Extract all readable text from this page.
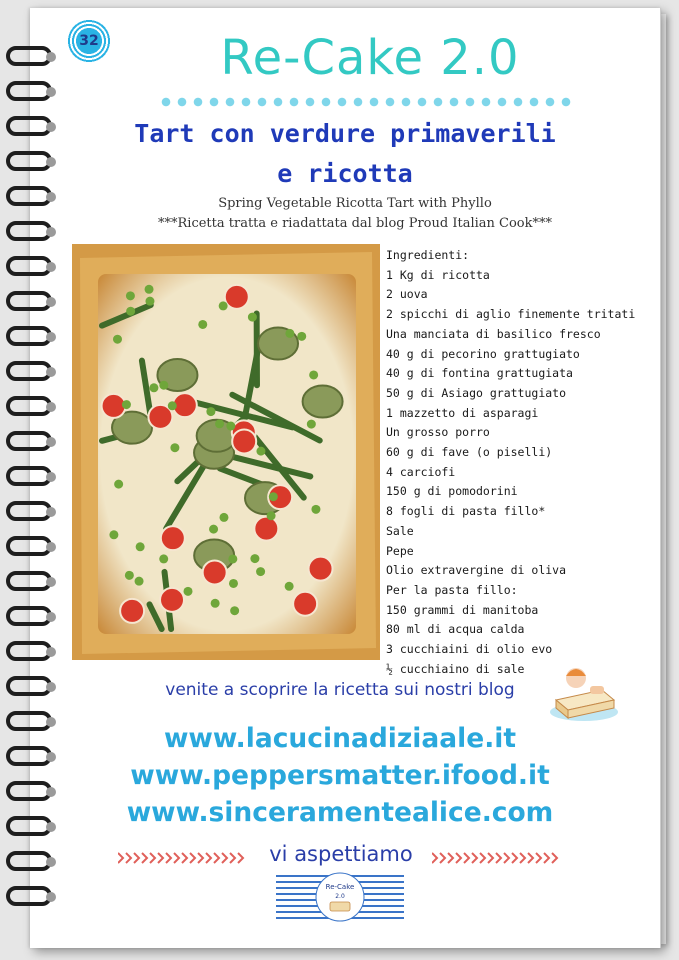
32	Re-Cake 2.0
Tart con verdure primaverili
e ricotta
Spring Vegetable Ricotta Tart with Phyllo
***Ricetta tratta e riadattata dal blog Proud Italian Cook***
Ingredienti:
1 Kg di ricotta
2 uova
2 spicchi di aglio finemente tritati
Una manciata di basilico fresco
40 g di pecorino grattugiato
40 g di fontina grattugiata
50 g di Asiago grattugiato
1 mazzetto di asparagi
Un grosso porro
60 g di fave (o piselli)
4 carciofi
150 g di pomodorini
8 fogli di pasta fillo*
Sale
Pepe
Olio extravergine di oliva
Per la pasta fillo:
150 grammi di manitoba
80 ml di acqua calda
3 cucchiaini di olio evo
½ cucchiaino di sale
venite a scoprire la ricetta sui nostri blog
www.lacucinadiziaale.it
www.peppersmatter.ifood.it
www.sinceramentealice.com
vi aspettiamo
Re-Cake
2.0
